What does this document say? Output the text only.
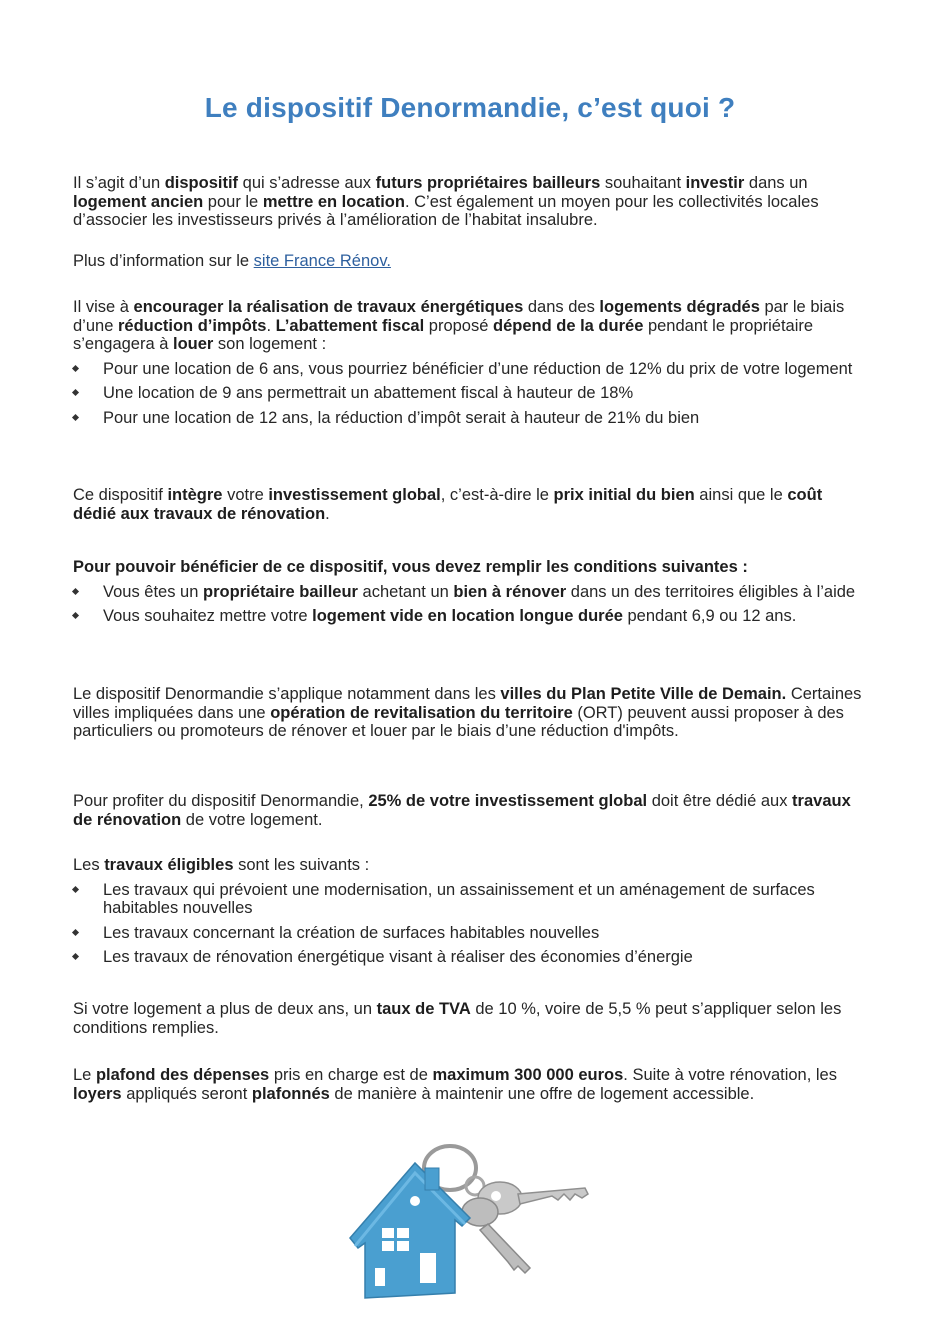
Le dispositif Denormandie, c’est quoi ?

Il s’agit d’un dispositif qui s’adresse aux futurs propriétaires bailleurs souhaitant investir dans un logement ancien pour le mettre en location. C’est également un moyen pour les collectivités locales d’associer les investisseurs privés à l’amélioration de l’habitat insalubre.

Plus d’information sur le site France Rénov.

Il vise à encourager la réalisation de travaux énergétiques dans des logements dégradés par le biais d’une réduction d’impôts. L’abattement fiscal proposé dépend de la durée pendant le propriétaire s’engagera à louer son logement :

Pour une location de 6 ans, vous pourriez bénéficier d’une réduction de 12% du prix de votre logement
Une location de 9 ans permettrait un abattement fiscal à hauteur de 18%
Pour une location de 12 ans, la réduction d’impôt serait à hauteur de 21% du bien

Ce dispositif intègre votre investissement global, c’est-à-dire le prix initial du bien ainsi que le coût dédié aux travaux de rénovation.

Pour pouvoir bénéficier de ce dispositif, vous devez remplir les conditions suivantes :

Vous êtes un propriétaire bailleur achetant un bien à rénover dans un des territoires éligibles à l’aide
Vous souhaitez mettre votre logement vide en location longue durée pendant 6,9 ou 12 ans.

Le dispositif Denormandie s’applique notamment dans les villes du Plan Petite Ville de Demain. Certaines villes impliquées dans une opération de revitalisation du territoire (ORT) peuvent aussi proposer à des particuliers ou promoteurs de rénover et louer par le biais d’une réduction d'impôts.

Pour profiter du dispositif Denormandie, 25% de votre investissement global doit être dédié aux travaux de rénovation de votre logement.

Les travaux éligibles sont les suivants :

Les travaux qui prévoient une modernisation, un assainissement et un aménagement de surfaces habitables nouvelles
Les travaux concernant la création de surfaces habitables nouvelles
Les travaux de rénovation énergétique visant à réaliser des économies d’énergie

Si votre logement a plus de deux ans, un taux de TVA de 10 %, voire de 5,5 % peut s’appliquer selon les conditions remplies.

Le plafond des dépenses pris en charge est de maximum 300 000 euros. Suite à votre rénovation, les loyers appliqués seront plafonnés de manière à maintenir une offre de logement accessible.
